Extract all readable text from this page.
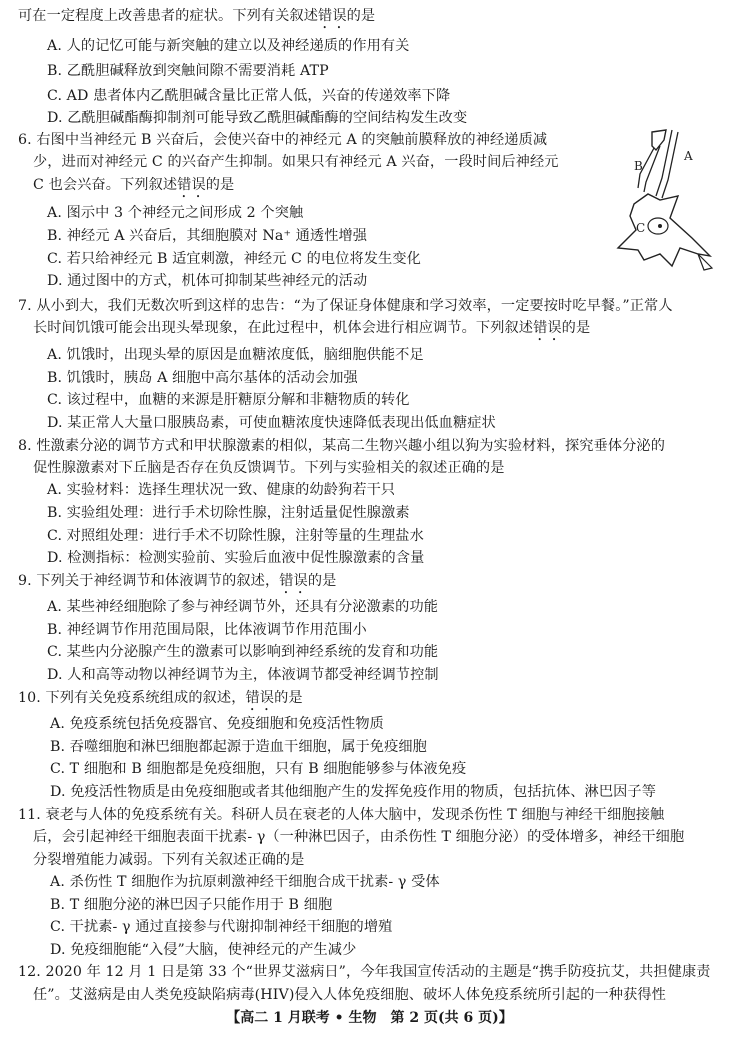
可在一定程度上改善患者的症状。下列有关叙述错误的是
A. 人的记忆可能与新突触的建立以及神经递质的作用有关
B. 乙酰胆碱释放到突触间隙不需要消耗 ATP
C. AD 患者体内乙酰胆碱含量比正常人低，兴奋的传递效率下降
D. 乙酰胆碱酯酶抑制剂可能导致乙酰胆碱酯酶的空间结构发生改变
6. 右图中当神经元 B 兴奋后，会使兴奋中的神经元 A 的突触前膜释放的神经递质减
少，进而对神经元 C 的兴奋产生抑制。如果只有神经元 A 兴奋，一段时间后神经元
C 也会兴奋。下列叙述错误的是
A. 图示中 3 个神经元之间形成 2 个突触
B. 神经元 A 兴奋后，其细胞膜对 Na⁺ 通透性增强
C. 若只给神经元 B 适宜刺激，神经元 C 的电位将发生变化
D. 通过图中的方式，机体可抑制某些神经元的活动
B
A
C
7. 从小到大，我们无数次听到这样的忠告：“为了保证身体健康和学习效率，一定要按时吃早餐。”正常人
长时间饥饿可能会出现头晕现象，在此过程中，机体会进行相应调节。下列叙述错误的是
A. 饥饿时，出现头晕的原因是血糖浓度低，脑细胞供能不足
B. 饥饿时，胰岛 A 细胞中高尔基体的活动会加强
C. 该过程中，血糖的来源是肝糖原分解和非糖物质的转化
D. 某正常人大量口服胰岛素，可使血糖浓度快速降低表现出低血糖症状
8. 性激素分泌的调节方式和甲状腺激素的相似，某高二生物兴趣小组以狗为实验材料，探究垂体分泌的
促性腺激素对下丘脑是否存在负反馈调节。下列与实验相关的叙述正确的是
A. 实验材料：选择生理状况一致、健康的幼龄狗若干只
B. 实验组处理：进行手术切除性腺，注射适量促性腺激素
C. 对照组处理：进行手术不切除性腺，注射等量的生理盐水
D. 检测指标：检测实验前、实验后血液中促性腺激素的含量
9. 下列关于神经调节和体液调节的叙述，错误的是
A. 某些神经细胞除了参与神经调节外，还具有分泌激素的功能
B. 神经调节作用范围局限，比体液调节作用范围小
C. 某些内分泌腺产生的激素可以影响到神经系统的发育和功能
D. 人和高等动物以神经调节为主，体液调节都受神经调节控制
10. 下列有关免疫系统组成的叙述，错误的是
A. 免疫系统包括免疫器官、免疫细胞和免疫活性物质
B. 吞噬细胞和淋巴细胞都起源于造血干细胞，属于免疫细胞
C. T 细胞和 B 细胞都是免疫细胞，只有 B 细胞能够参与体液免疫
D. 免疫活性物质是由免疫细胞或者其他细胞产生的发挥免疫作用的物质，包括抗体、淋巴因子等
11. 衰老与人体的免疫系统有关。科研人员在衰老的人体大脑中，发现杀伤性 T 细胞与神经干细胞接触
后，会引起神经干细胞表面干扰素- γ（一种淋巴因子，由杀伤性 T 细胞分泌）的受体增多，神经干细胞
分裂增殖能力减弱。下列有关叙述正确的是
A. 杀伤性 T 细胞作为抗原刺激神经干细胞合成干扰素- γ 受体
B. T 细胞分泌的淋巴因子只能作用于 B 细胞
C. 干扰素- γ 通过直接参与代谢抑制神经干细胞的增殖
D. 免疫细胞能“入侵”大脑，使神经元的产生减少
12. 2020 年 12 月 1 日是第 33 个“世界艾滋病日”，今年我国宣传活动的主题是“携手防疫抗艾，共担健康责
任”。艾滋病是由人类免疫缺陷病毒(HIV)侵入人体免疫细胞、破坏人体免疫系统所引起的一种获得性
【高二 1 月联考 • 生物　第 2 页(共 6 页)】
